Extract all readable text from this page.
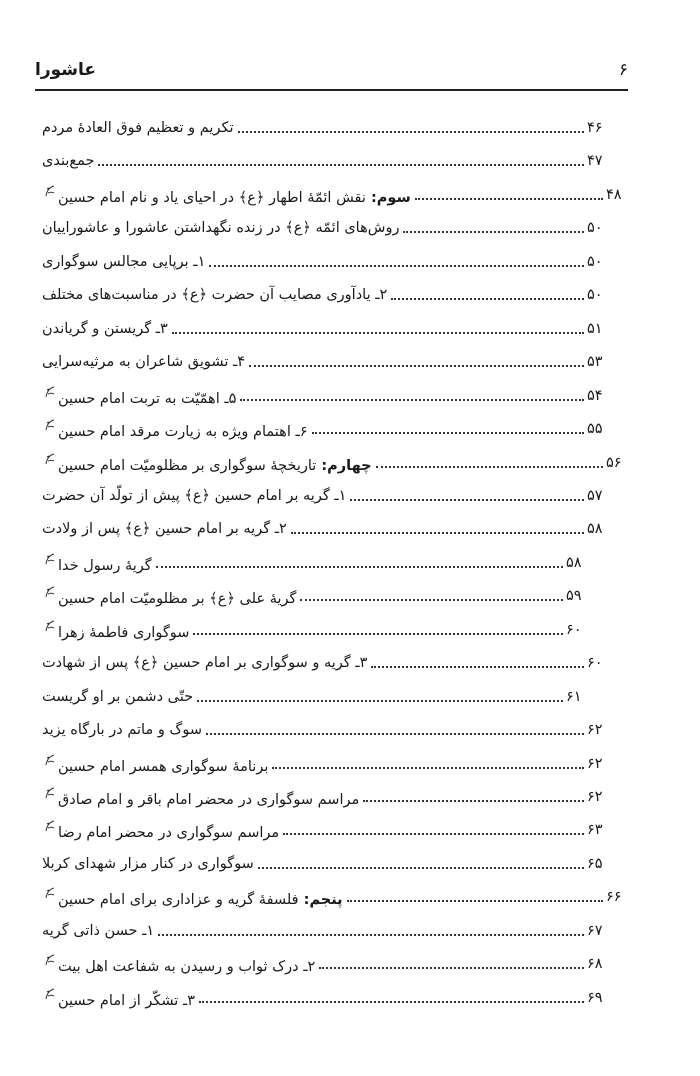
عاشورا	۶
تکریم و تعظیم فوق العادهٔ مردم	۴۶
جمع‌بندی	۴۷
سوم: نقش ائمّهٔ اطهار ﴿ع﴾ در احیای یاد و نام امام حسین	۴۸
روش‌های ائمّه ﴿ع﴾ در زنده نگهداشتن عاشورا و عاشوراییان	۵۰
۱ـ برپایی مجالس سوگواری	۵۰
۲ـ یادآوری مصایب آن حضرت ﴿ع﴾ در مناسبت‌های مختلف	۵۰
۳ـ گریستن و گریاندن	۵۱
۴ـ تشویق شاعران به مرثیه‌سرایی	۵۳
۵ـ اهمّیّت به تربت امام حسین	۵۴
۶ـ اهتمام ویژه به زیارت مرقد امام حسین	۵۵
چهارم: تاریخچهٔ سوگواری بر مظلومیّت امام حسین	۵۶
۱ـ گریه بر امام حسین ﴿ع﴾ پیش از تولّد آن حضرت	۵۷
۲ـ گریه بر امام حسین ﴿ع﴾ پس از ولادت	۵۸
گریهٔ رسول خدا	۵۸
گریهٔ علی ﴿ع﴾ بر مظلومیّت امام حسین	۵۹
سوگواری فاطمهٔ زهرا	۶۰
۳ـ گریه و سوگواری بر امام حسین ﴿ع﴾ پس از شهادت	۶۰
حتّی دشمن بر او گریست	۶۱
سوگ و ماتم در بارگاه یزید	۶۲
برنامهٔ سوگواری همسر امام حسین	۶۲
مراسم سوگواری در محضر امام باقر و امام صادق	۶۲
مراسم سوگواری در محضر امام رضا	۶۳
سوگواری در کنار مزار شهدای کربلا	۶۵
پنجم: فلسفهٔ گریه و عزاداری برای امام حسین	۶۶
۱ـ حسن ذاتی گریه	۶۷
۲ـ درک ثواب و رسیدن به شفاعت اهل بیت	۶۸
۳ـ تشکّر از امام حسین	۶۹
